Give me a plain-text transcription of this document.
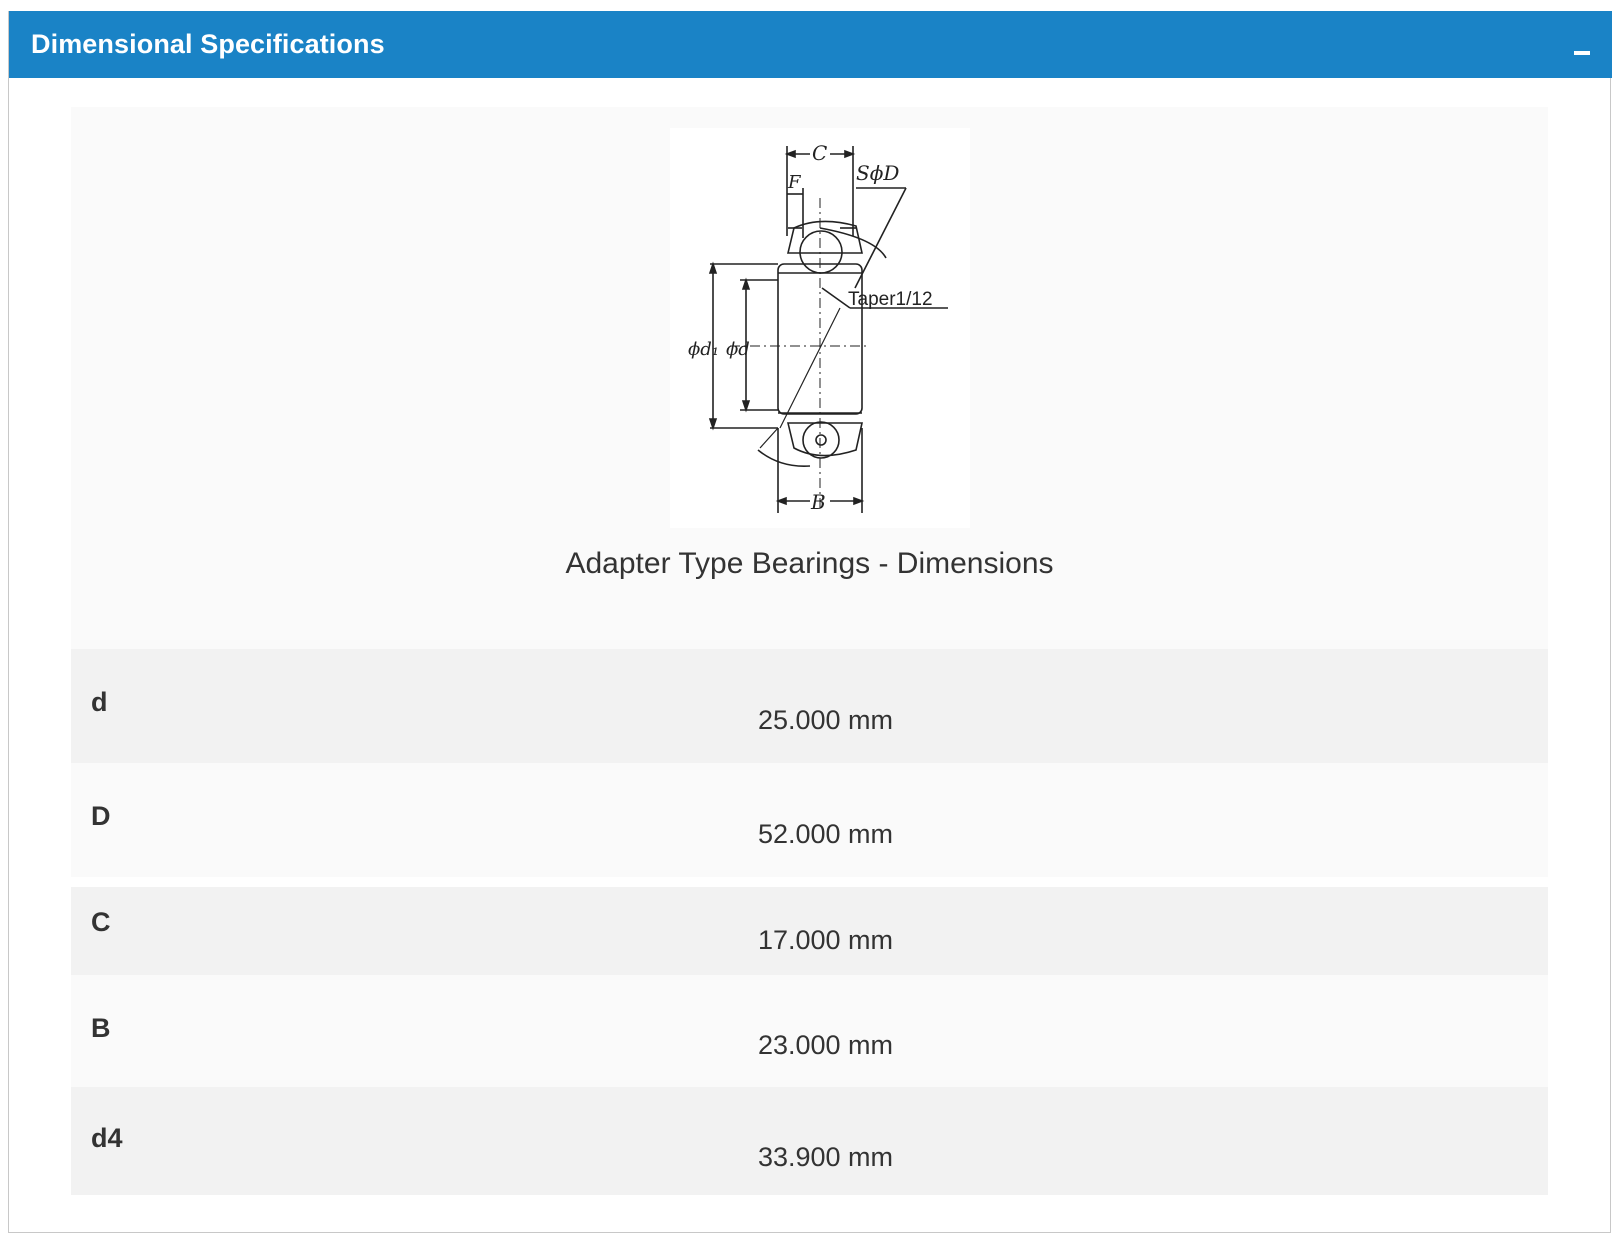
Dimensional Specifications
C
F	SϕD
Taper1/12
ϕd₁ ϕd
B
Adapter Type Bearings - Dimensions
d
25.000 mm
D
52.000 mm
C
17.000 mm
B
23.000 mm
d4
33.900 mm
